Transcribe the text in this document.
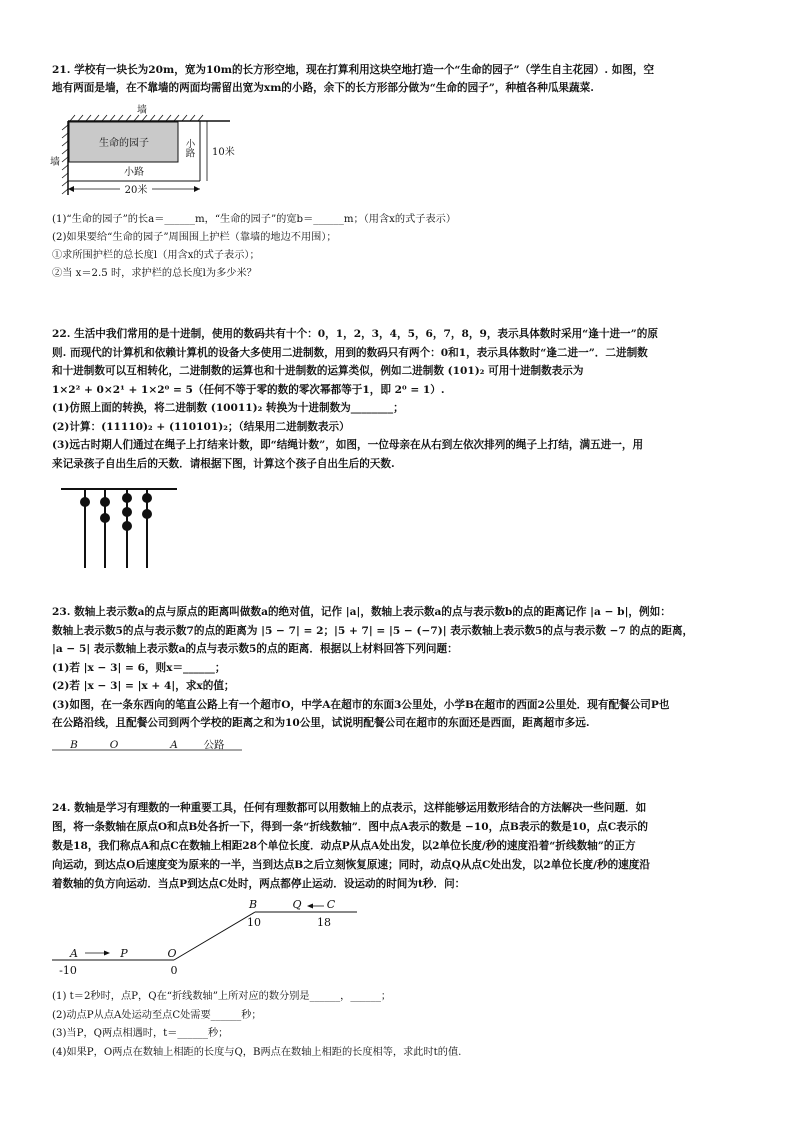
21. 学校有一块长为20m，宽为10m的长方形空地，现在打算利用这块空地打造一个“生命的园子”（学生自主花园）. 如图，空

地有两面是墙，在不靠墙的两面均需留出宽为xm的小路，余下的长方形部分做为“生命的园子”，种植各种瓜果蔬菜.

生命的园子
墙
墙
小路
小路
10米
20米

(1)“生命的园子”的长a＝______m，“生命的园子”的宽b＝______m；（用含x的式子表示）

(2)如果要给“生命的园子”周围围上护栏（靠墙的地边不用围）；

①求所围护栏的总长度l（用含x的式子表示）；

②当 x＝2.5 时，求护栏的总长度l为多少米？

22. 生活中我们常用的是十进制，使用的数码共有十个：0，1，2，3，4，5，6，7，8，9，表示具体数时采用“逢十进一”的原

则. 而现代的计算机和依赖计算机的设备大多使用二进制数，用到的数码只有两个：0和1，表示具体数时“逢二进一”．二进制数

和十进制数可以互相转化，二进制数的运算也和十进制数的运算类似，例如二进制数 (101)₂ 可用十进制数表示为

1×2² + 0×2¹ + 1×2⁰ = 5（任何不等于零的数的零次幂都等于1，即 2⁰ = 1）.

(1)仿照上面的转换，将二进制数 (10011)₂ 转换为十进制数为________；

(2)计算：(11110)₂ + (110101)₂；（结果用二进制数表示）

(3)远古时期人们通过在绳子上打结来计数，即“结绳计数”，如图，一位母亲在从右到左依次排列的绳子上打结，满五进一，用

来记录孩子自出生后的天数．请根据下图，计算这个孩子自出生后的天数.

23. 数轴上表示数a的点与原点的距离叫做数a的绝对值，记作 |a|，数轴上表示数a的点与表示数b的点的距离记作 |a − b|，例如：

数轴上表示数5的点与表示数7的点的距离为 |5 − 7| = 2；|5 + 7| = |5 − (−7)| 表示数轴上表示数5的点与表示数 −7 的点的距离，

|a − 5| 表示数轴上表示数a的点与表示数5的点的距离．根据以上材料回答下列问题：

(1)若 |x − 3| = 6，则x＝______；

(2)若 |x − 3| = |x + 4|，求x的值；

(3)如图，在一条东西向的笔直公路上有一个超市O，中学A在超市的东面3公里处，小学B在超市的西面2公里处．现有配餐公司P也

在公路沿线，且配餐公司到两个学校的距离之和为10公里，试说明配餐公司在超市的东面还是西面，距离超市多远.

B	O	A 公路

24. 数轴是学习有理数的一种重要工具，任何有理数都可以用数轴上的点表示，这样能够运用数形结合的方法解决一些问题．如

图，将一条数轴在原点O和点B处各折一下，得到一条“折线数轴”．图中点A表示的数是 −10，点B表示的数是10，点C表示的

数是18，我们称点A和点C在数轴上相距28个单位长度．动点P从点A处出发，以2单位长度/秒的速度沿着“折线数轴”的正方

向运动，到达点O后速度变为原来的一半，当到达点B之后立刻恢复原速；同时，动点Q从点C处出发，以2单位长度/秒的速度沿

着数轴的负方向运动．当点P到达点C处时，两点都停止运动．设运动的时间为t秒．问：

A	P	O
B	Q C
-10	0
10	18

(1) t＝2秒时，点P，Q在“折线数轴”上所对应的数分别是______，______；

(2)动点P从点A处运动至点C处需要______秒；

(3)当P，Q两点相遇时，t＝______秒；

(4)如果P，O两点在数轴上相距的长度与Q，B两点在数轴上相距的长度相等，求此时t的值.
